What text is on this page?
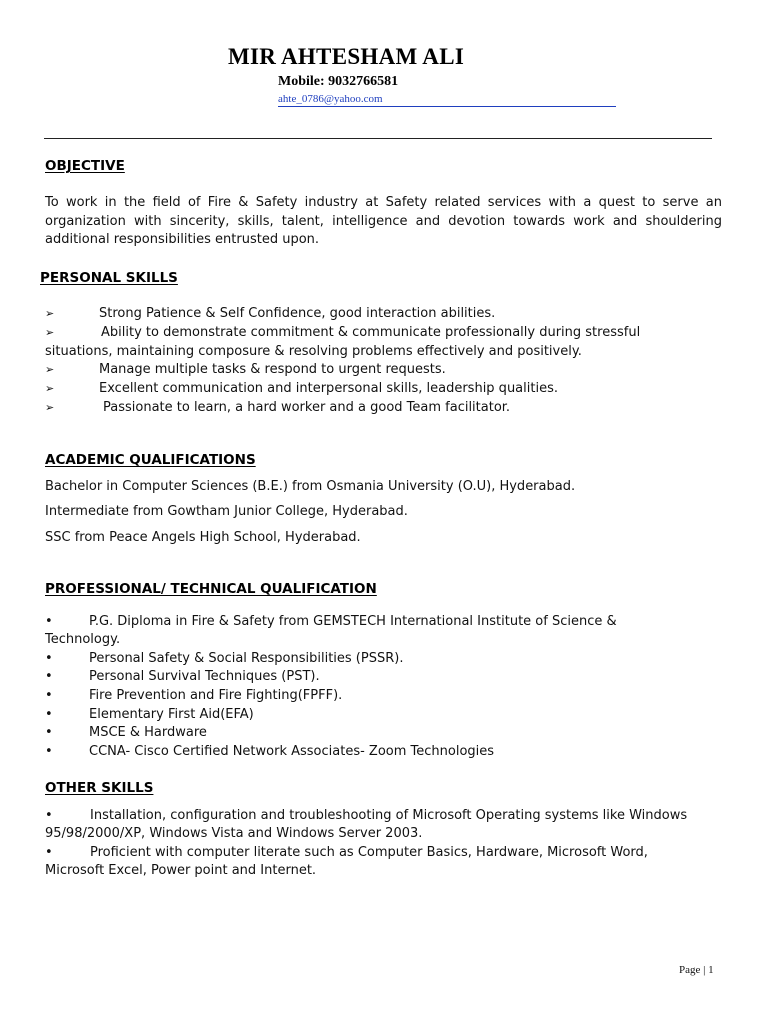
MIR AHTESHAM ALI
Mobile: 9032766581
ahte_0786@yahoo.com
OBJECTIVE
To work in the field of Fire & Safety industry at Safety related services with a quest to serve an organization with sincerity, skills, talent, intelligence and devotion towards work and shouldering additional responsibilities entrusted upon.
PERSONAL SKILLS
➢	Strong Patience & Self Confidence, good interaction abilities.
➢	Ability to demonstrate commitment & communicate professionally during stressful
situations, maintaining composure & resolving problems effectively and positively.
➢	Manage multiple tasks & respond to urgent requests.
➢	Excellent communication and interpersonal skills, leadership qualities.
➢	Passionate to learn, a hard worker and a good Team facilitator.
ACADEMIC QUALIFICATIONS
Bachelor in Computer Sciences (B.E.) from Osmania University (O.U), Hyderabad.
Intermediate from Gowtham Junior College, Hyderabad.
SSC from Peace Angels High School, Hyderabad.
PROFESSIONAL/ TECHNICAL QUALIFICATION
•	P.G. Diploma in Fire & Safety from GEMSTECH International Institute of Science &
Technology.
•	Personal Safety & Social Responsibilities (PSSR).
•	Personal Survival Techniques (PST).
•	Fire Prevention and Fire Fighting(FPFF).
•	Elementary First Aid(EFA)
•	MSCE & Hardware
•	CCNA- Cisco Certified Network Associates- Zoom Technologies
OTHER SKILLS
•	Installation, configuration and troubleshooting of Microsoft Operating systems like Windows
95/98/2000/XP, Windows Vista and Windows Server 2003.
•	Proficient with computer literate such as Computer Basics, Hardware, Microsoft Word,
Microsoft Excel, Power point and Internet.
Page | 1
